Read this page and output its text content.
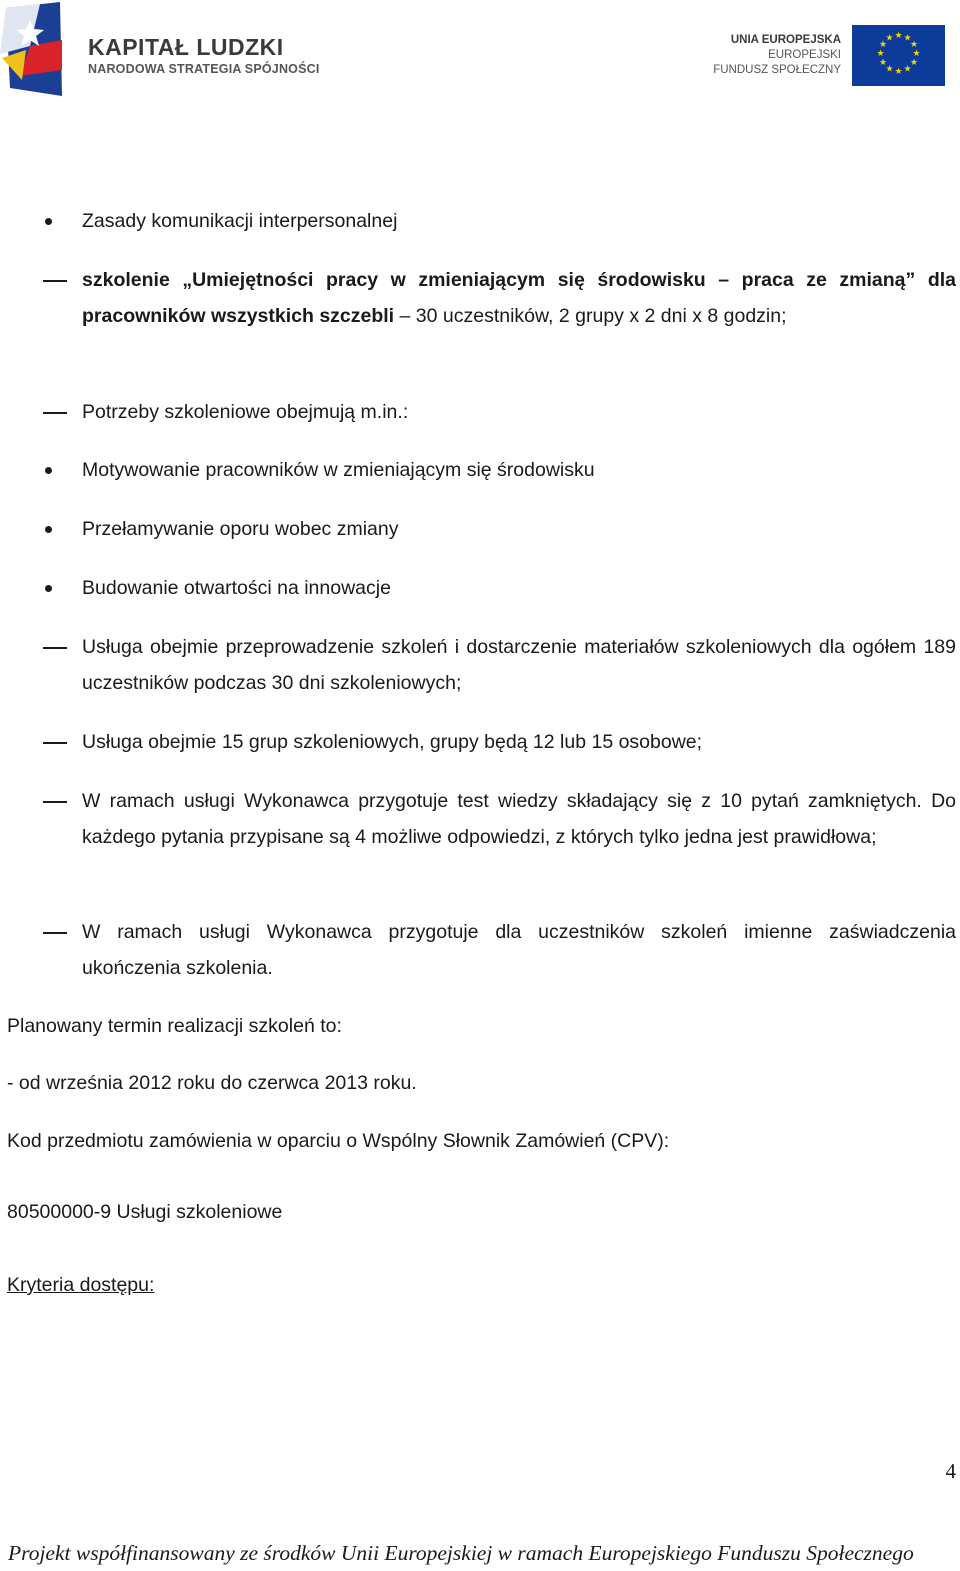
KAPITAŁ LUDZKI
NARODOWA STRATEGIA SPÓJNOŚCI
UNIA EUROPEJSKA
EUROPEJSKI
FUNDUSZ SPOŁECZNY
★ ★
★
★
★
★
★
★
★
★
★
★
Zasady komunikacji interpersonalnej
szkolenie „Umiejętności pracy w zmieniającym się środowisku – praca ze zmianą” dla pracowników wszystkich szczebli – 30 uczestników, 2 grupy x 2 dni x 8 godzin;
Potrzeby szkoleniowe obejmują m.in.:
Motywowanie pracowników w zmieniającym się środowisku
Przełamywanie oporu wobec zmiany
Budowanie otwartości na innowacje
Usługa obejmie przeprowadzenie szkoleń i dostarczenie materiałów szkoleniowych dla ogółem 189 uczestników podczas 30 dni szkoleniowych;
Usługa obejmie 15 grup szkoleniowych, grupy będą 12 lub 15 osobowe;
W ramach usługi Wykonawca przygotuje test wiedzy składający się z 10 pytań zamkniętych. Do każdego pytania przypisane są 4 możliwe odpowiedzi, z których tylko jedna jest prawidłowa;
W ramach usługi Wykonawca przygotuje dla uczestników szkoleń imienne zaświadczenia ukończenia szkolenia.
Planowany termin realizacji szkoleń to:
- od września 2012 roku do czerwca 2013 roku.
Kod przedmiotu zamówienia w oparciu o Wspólny Słownik Zamówień (CPV):
80500000-9 Usługi szkoleniowe
Kryteria dostępu:
4
Projekt współfinansowany ze środków Unii Europejskiej w ramach Europejskiego Funduszu Społecznego
